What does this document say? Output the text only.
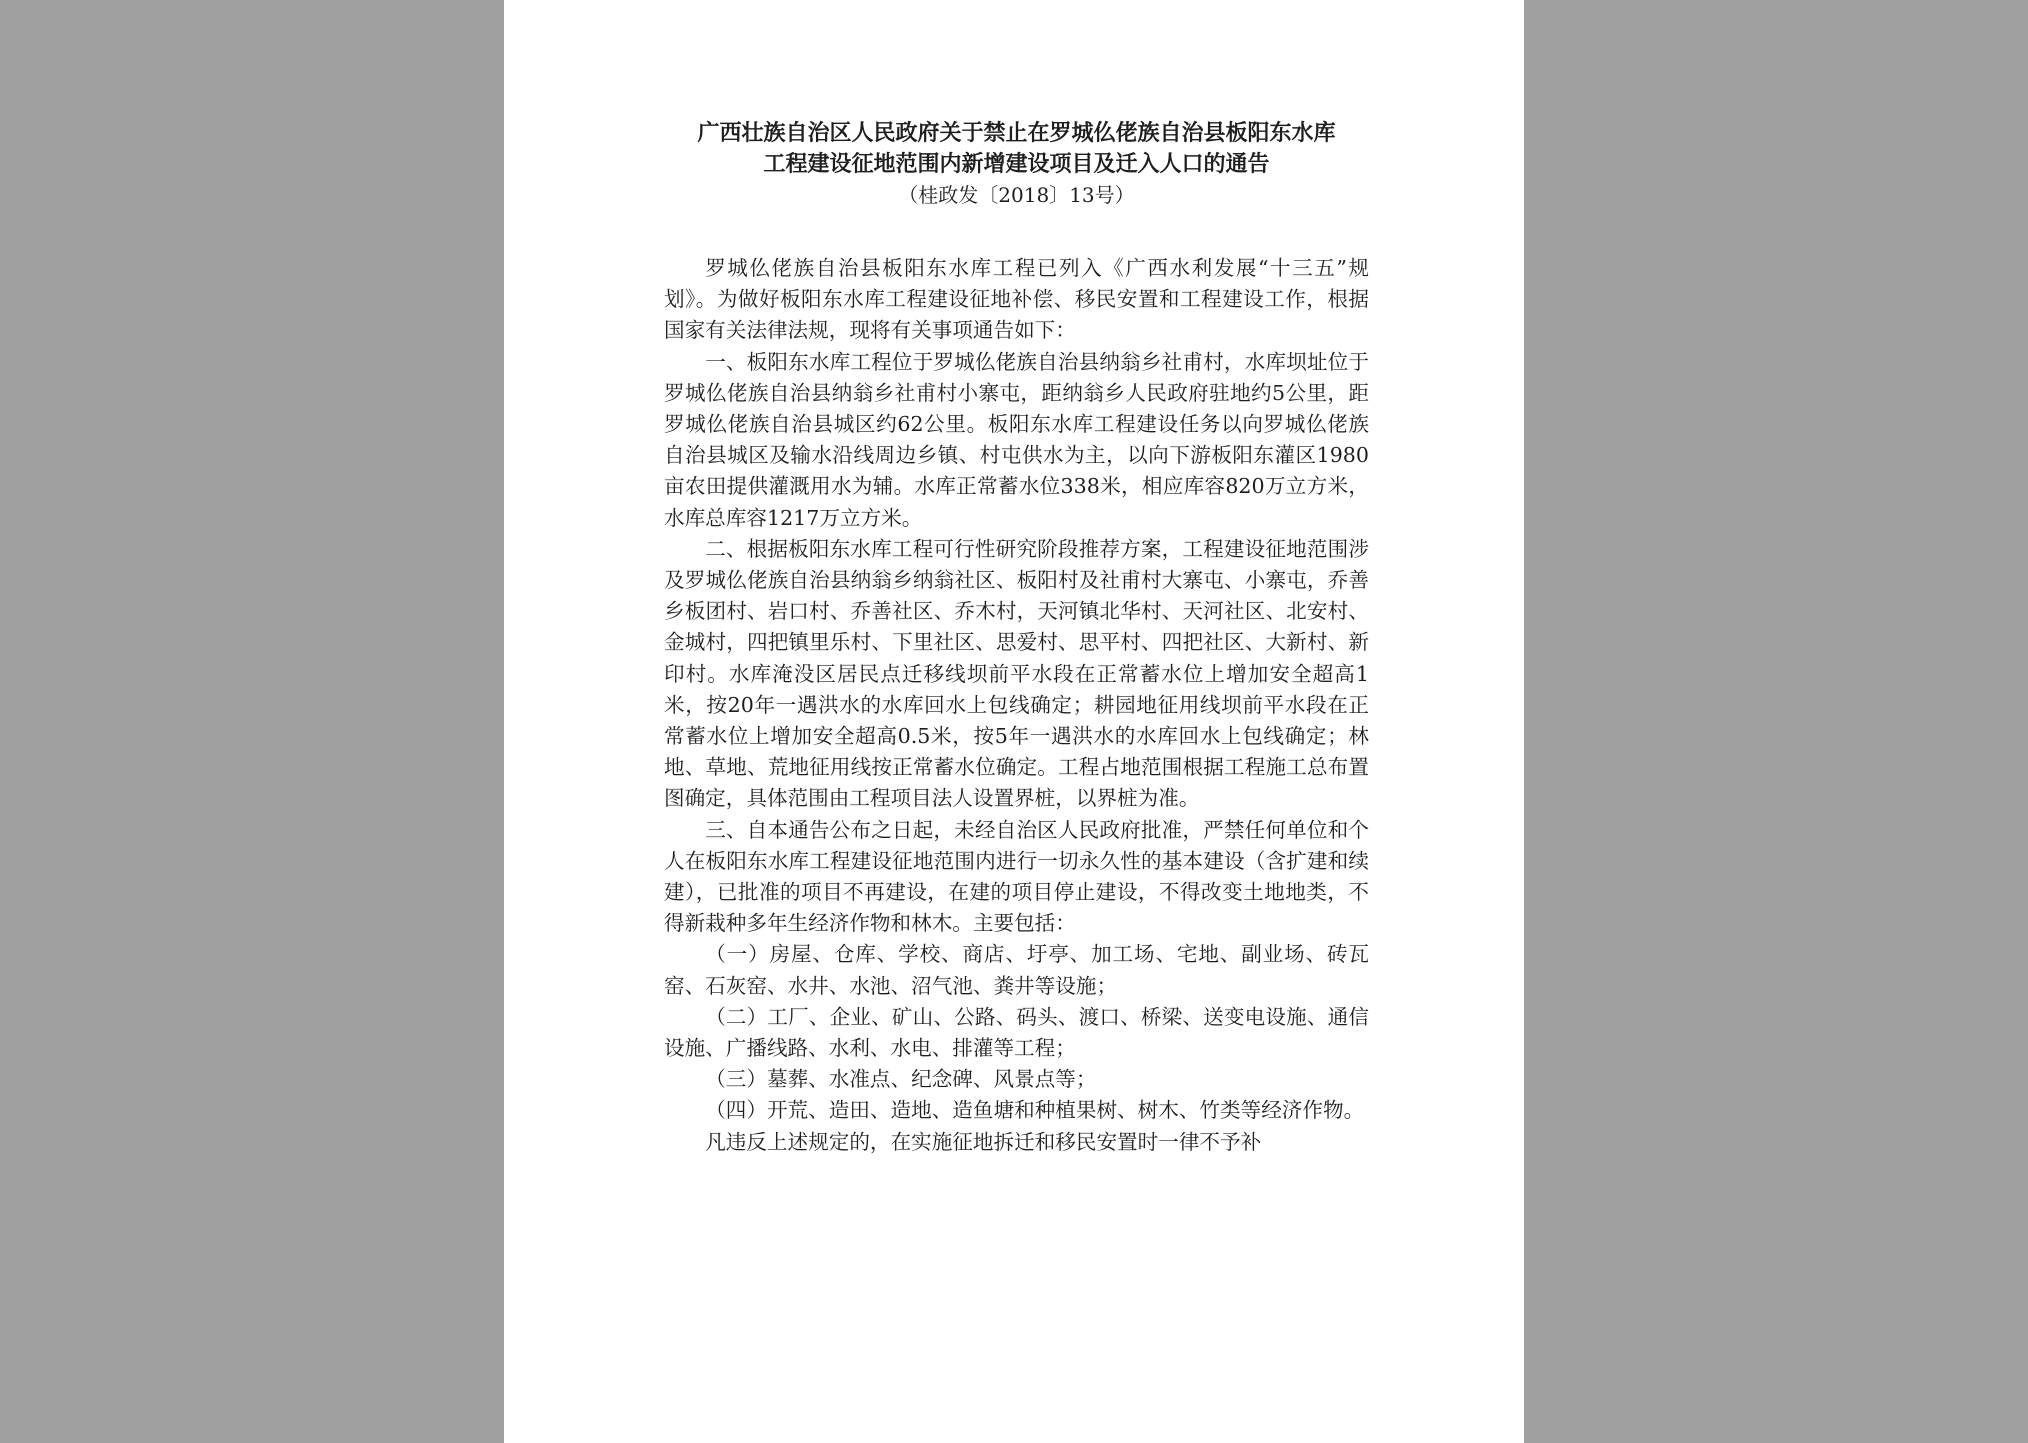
广西壮族自治区人民政府关于禁止在罗城仫佬族自治县板阳东水库

工程建设征地范围内新增建设项目及迁入人口的通告

（桂政发〔2018〕13号）

罗城仫佬族自治县板阳东水库工程已列入《广西水利发展“十三五”规划》。为做好板阳东水库工程建设征地补偿、移民安置和工程建设工作，根据国家有关法律法规，现将有关事项通告如下：

一、板阳东水库工程位于罗城仫佬族自治县纳翁乡社甫村，水库坝址位于罗城仫佬族自治县纳翁乡社甫村小寨屯，距纳翁乡人民政府驻地约5公里，距罗城仫佬族自治县城区约62公里。板阳东水库工程建设任务以向罗城仫佬族自治县城区及输水沿线周边乡镇、村屯供水为主，以向下游板阳东灌区1980亩农田提供灌溉用水为辅。水库正常蓄水位338米，相应库容820万立方米，水库总库容1217万立方米。

二、根据板阳东水库工程可行性研究阶段推荐方案，工程建设征地范围涉及罗城仫佬族自治县纳翁乡纳翁社区、板阳村及社甫村大寨屯、小寨屯，乔善乡板团村、岩口村、乔善社区、乔木村，天河镇北华村、天河社区、北安村、金城村，四把镇里乐村、下里社区、思爱村、思平村、四把社区、大新村、新印村。水库淹没区居民点迁移线坝前平水段在正常蓄水位上增加安全超高1米，按20年一遇洪水的水库回水上包线确定；耕园地征用线坝前平水段在正常蓄水位上增加安全超高0.5米，按5年一遇洪水的水库回水上包线确定；林地、草地、荒地征用线按正常蓄水位确定。工程占地范围根据工程施工总布置图确定，具体范围由工程项目法人设置界桩，以界桩为准。

三、自本通告公布之日起，未经自治区人民政府批准，严禁任何单位和个人在板阳东水库工程建设征地范围内进行一切永久性的基本建设（含扩建和续建），已批准的项目不再建设，在建的项目停止建设，不得改变土地地类，不得新栽种多年生经济作物和林木。主要包括：

（一）房屋、仓库、学校、商店、圩亭、加工场、宅地、副业场、砖瓦窑、石灰窑、水井、水池、沼气池、粪井等设施；

（二）工厂、企业、矿山、公路、码头、渡口、桥梁、送变电设施、通信设施、广播线路、水利、水电、排灌等工程；

（三）墓葬、水准点、纪念碑、风景点等；

（四）开荒、造田、造地、造鱼塘和种植果树、树木、竹类等经济作物。

凡违反上述规定的，在实施征地拆迁和移民安置时一律不予补
